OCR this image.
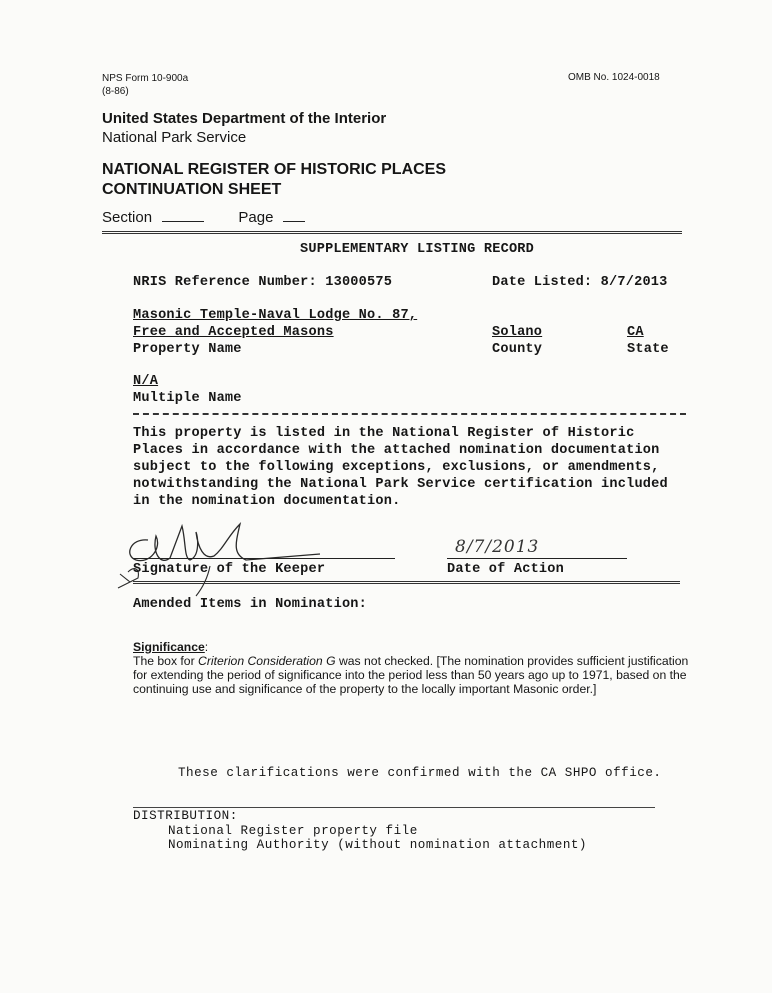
NPS Form 10-900a
(8-86)
OMB No. 1024-0018
United States Department of the Interior
National Park Service
NATIONAL REGISTER OF HISTORIC PLACES
CONTINUATION SHEET
Section	Page
SUPPLEMENTARY LISTING RECORD
NRIS Reference Number: 13000575	Date Listed: 8/7/2013
Masonic Temple-Naval Lodge No. 87,
Free and Accepted Masons
Property Name
Solano
County
CA
State
N/A
Multiple Name
This property is listed in the National Register of Historic
Places in accordance with the attached nomination documentation
subject to the following exceptions, exclusions, or amendments,
notwithstanding the National Park Service certification included
in the nomination documentation.
Signature of the Keeper
8/7/2013
Date of Action
Amended Items in Nomination:
Significance:
The box for Criterion Consideration G was not checked. [The nomination provides sufficient justification
for extending the period of significance into the period less than 50 years ago up to 1971, based on the
continuing use and significance of the property to the locally important Masonic order.]
These clarifications were confirmed with the CA SHPO office.
DISTRIBUTION:
National Register property file
Nominating Authority (without nomination attachment)
